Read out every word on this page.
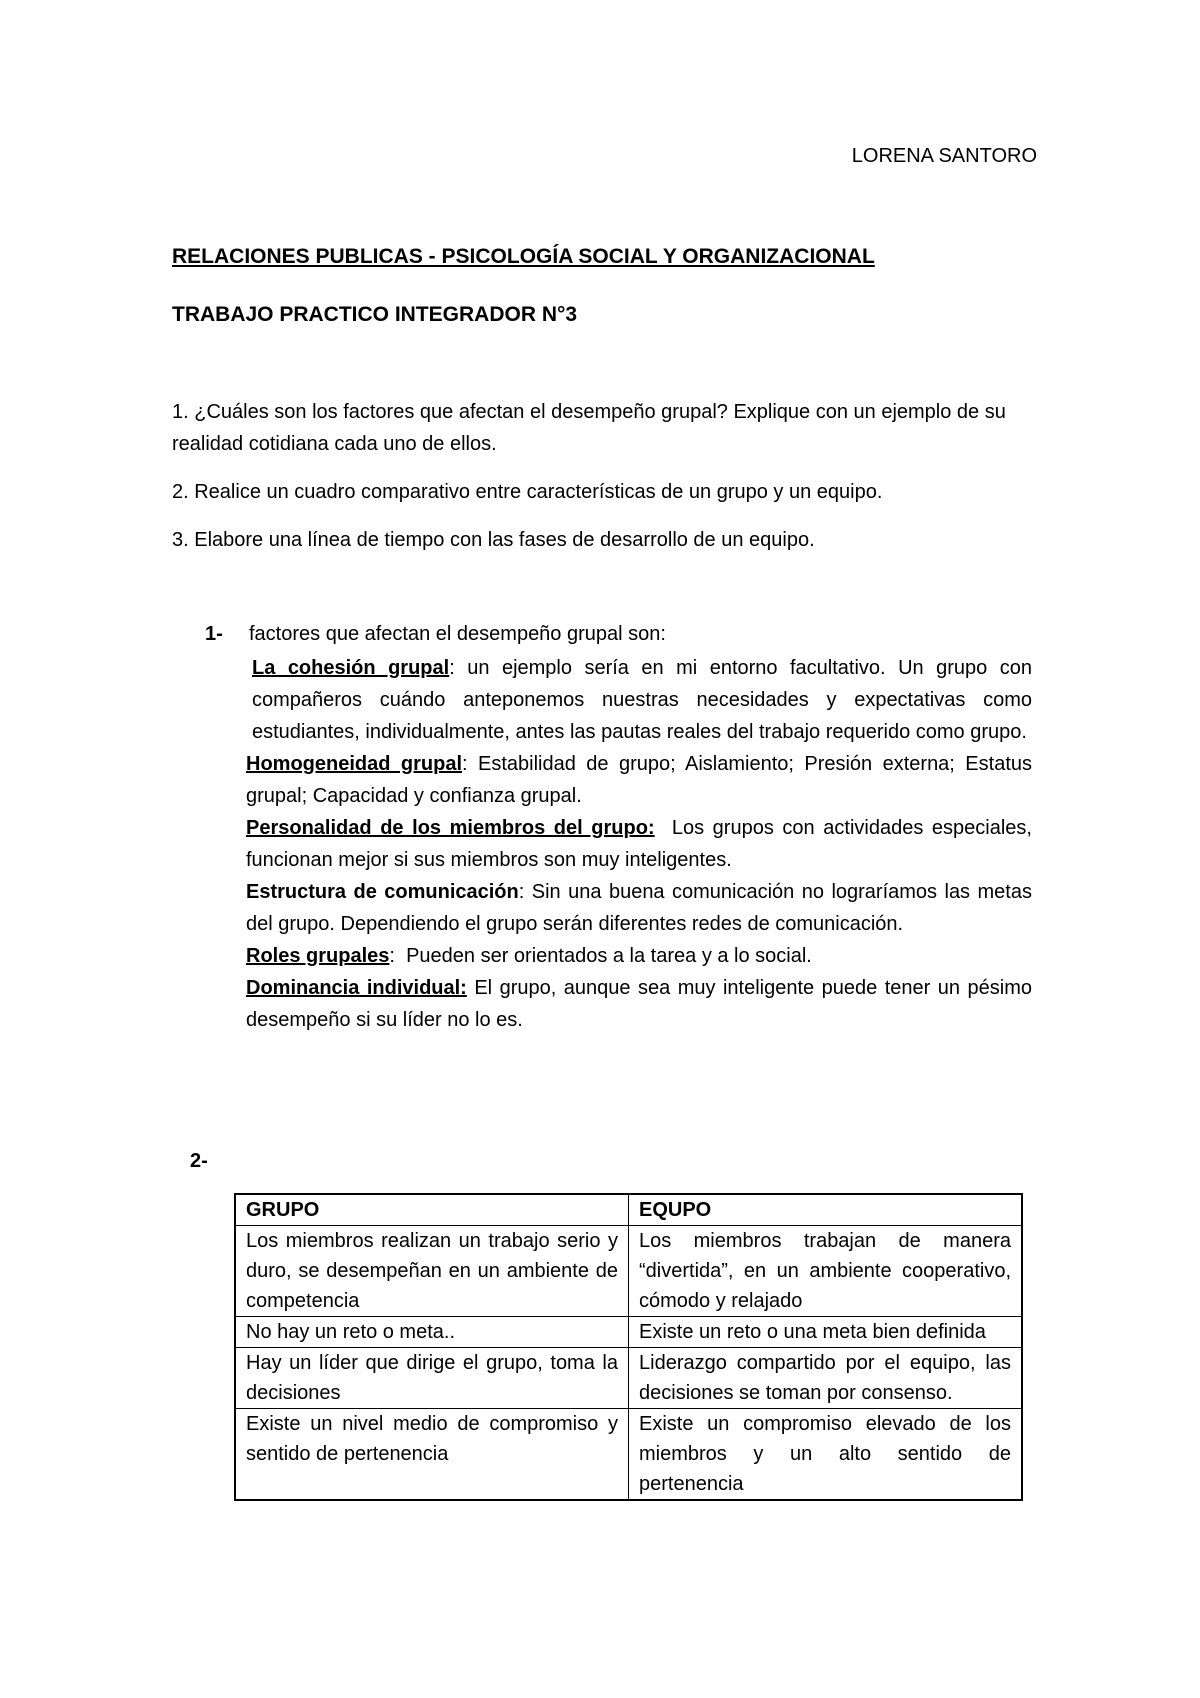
LORENA SANTORO
RELACIONES PUBLICAS - PSICOLOGÍA SOCIAL Y ORGANIZACIONAL
TRABAJO PRACTICO INTEGRADOR N°3
1. ¿Cuáles son los factores que afectan el desempeño grupal? Explique con un ejemplo de su realidad cotidiana cada uno de ellos.
2. Realice un cuadro comparativo entre características de un grupo y un equipo.
3. Elabore una línea de tiempo con las fases de desarrollo de un equipo.
1- factores que afectan el desempeño grupal son:

La cohesión grupal: un ejemplo sería en mi entorno facultativo. Un grupo con compañeros cuándo anteponemos nuestras necesidades y expectativas como estudiantes, individualmente, antes las pautas reales del trabajo requerido como grupo.

Homogeneidad grupal: Estabilidad de grupo; Aislamiento; Presión externa; Estatus grupal; Capacidad y confianza grupal.

Personalidad de los miembros del grupo: Los grupos con actividades especiales, funcionan mejor si sus miembros son muy inteligentes.

Estructura de comunicación: Sin una buena comunicación no lograríamos las metas del grupo. Dependiendo el grupo serán diferentes redes de comunicación.

Roles grupales:  Pueden ser orientados a la tarea y a lo social.

Dominancia individual: El grupo, aunque sea muy inteligente puede tener un pésimo desempeño si su líder no lo es.

2-
GRUPO	EQUPO
Los miembros realizan un trabajo serio y duro, se desempeñan en un ambiente de competencia	Los miembros trabajan de manera “divertida”, en un ambiente cooperativo, cómodo y relajado
No hay un reto o meta..	Existe un reto o una meta bien definida
Hay un líder que dirige el grupo, toma la decisiones	Liderazgo compartido por el equipo, las decisiones se toman por consenso.
Existe un nivel medio de compromiso y sentido de pertenencia	Existe un compromiso elevado de los miembros y un alto sentido de pertenencia
